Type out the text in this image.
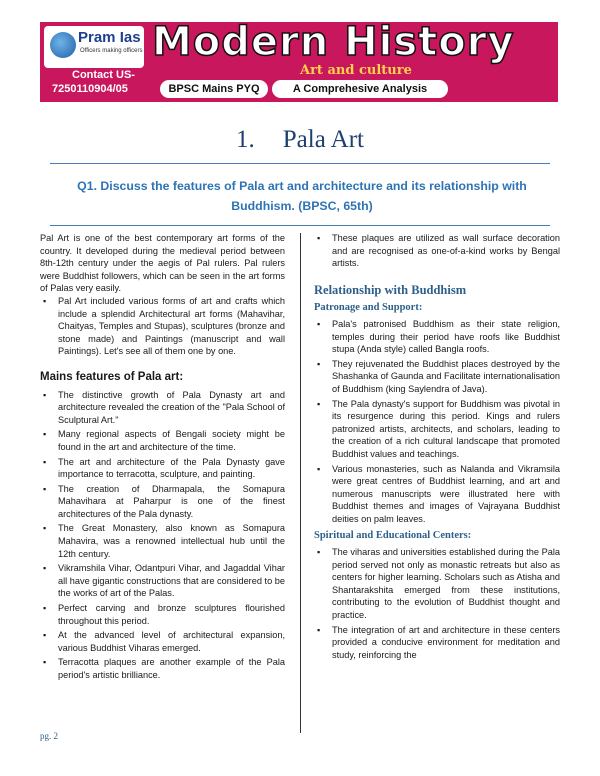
Pram Ias
Officers making officers
Contact US-
7250110904/05
Modern History
Art and culture
BPSC Mains PYQ	A Comprehesive Analysis
1. Pala Art
Q1. Discuss the features of Pala art and architecture and its relationship with Buddhism. (BPSC, 65th)

Pal Art is one of the best contemporary art forms of the country. It developed during the medieval period between 8th-12th century under the aegis of Pal rulers. Pal rulers were Buddhist followers, which can be seen in the art forms of Palas very easily.

▪ Pal Art included various forms of art and crafts which include a splendid Architectural art forms (Mahavihar, Chaityas, Temples and Stupas), sculptures (bronze and stone made) and Paintings (manuscript and wall Paintings). Let's see all of them one by one.
Mains features of Pala art:
▪ The distinctive growth of Pala Dynasty art and architecture revealed the creation of the "Pala School of Sculptural Art."
▪ Many regional aspects of Bengali society might be found in the art and architecture of the time.
▪ The art and architecture of the Pala Dynasty gave importance to terracotta, sculpture, and painting.
▪ The creation of Dharmapala, the Somapura Mahavihara at Paharpur is one of the finest architectures of the Pala dynasty.
▪ The Great Monastery, also known as Somapura Mahavira, was a renowned intellectual hub until the 12th century.
▪ Vikramshila Vihar, Odantpuri Vihar, and Jagaddal Vihar all have gigantic constructions that are considered to be the works of art of the Palas.
▪ Perfect carving and bronze sculptures flourished throughout this period.
▪ At the advanced level of architectural expansion, various Buddhist Viharas emerged.
▪ Terracotta plaques are another example of the Pala period's artistic brilliance.
▪ These plaques are utilized as wall surface decoration and are recognised as one-of-a-kind works by Bengal artists.
Relationship with Buddhism
Patronage and Support:
▪ Pala's patronised Buddhism as their state religion, temples during their period have roofs like Buddhist stupa (Anda style) called Bangla roofs.
▪ They rejuvenated the Buddhist places destroyed by the Shashanka of Gaunda and Facilitate internationalisation of Buddhism (king Saylendra of Java).
▪ The Pala dynasty's support for Buddhism was pivotal in its resurgence during this period. Kings and rulers patronized artists, architects, and scholars, leading to the creation of a rich cultural landscape that promoted Buddhist values and teachings.
▪ Various monasteries, such as Nalanda and Vikramsila were great centres of Buddhist learning, and art and numerous manuscripts were illustrated here with Buddhist themes and images of Vajrayana Buddhist deities on palm leaves.
Spiritual and Educational Centers:
▪ The viharas and universities established during the Pala period served not only as monastic retreats but also as centers for higher learning. Scholars such as Atisha and Shantarakshita emerged from these institutions, contributing to the evolution of Buddhist thought and practice.
▪ The integration of art and architecture in these centers provided a conducive environment for meditation and study, reinforcing the
pg. 2
